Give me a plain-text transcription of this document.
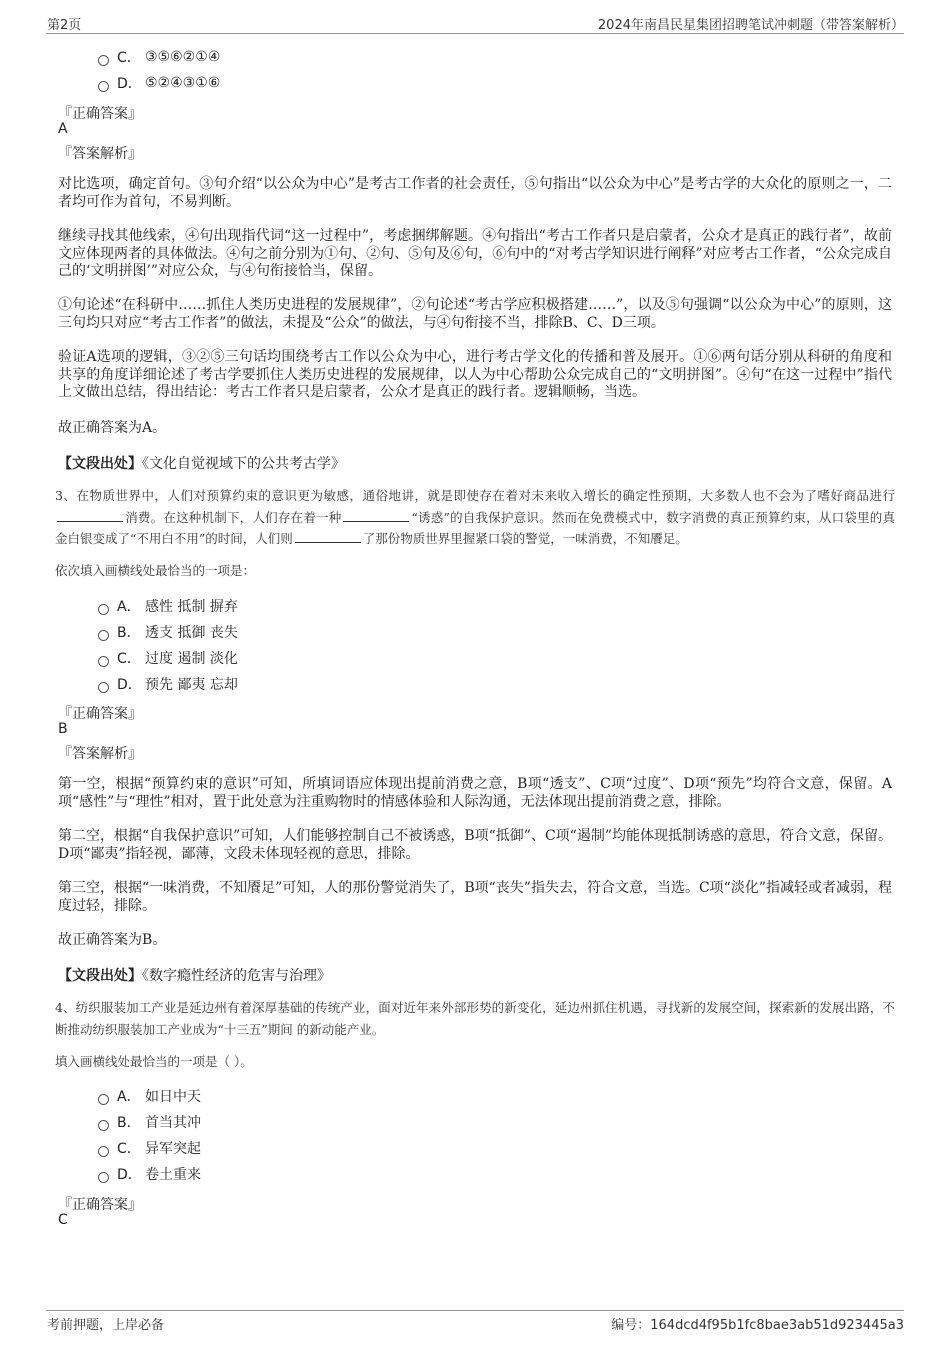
第2页	2024年南昌民星集团招聘笔试冲刺题（带答案解析）
C． ③⑤⑥②①④
D． ⑤②④③①⑥
『正确答案』
A
『答案解析』
对比选项，确定首句。③句介绍“以公众为中心”是考古工作者的社会责任，⑤句指出“以公众为中心”是考古学的大众化的原则之一，二者均可作为首句，不易判断。
继续寻找其他线索，④句出现指代词“这一过程中”，考虑捆绑解题。④句指出“考古工作者只是启蒙者，公众才是真正的践行者”，故前文应体现两者的具体做法。④句之前分别为①句、②句、⑤句及⑥句，⑥句中的“对考古学知识进行阐释”对应考古工作者，“公众完成自己的‘文明拼图’”对应公众，与④句衔接恰当，保留。
①句论述“在科研中……抓住人类历史进程的发展规律”，②句论述“考古学应积极搭建……”，以及⑤句强调“以公众为中心”的原则，这三句均只对应“考古工作者”的做法，未提及“公众”的做法，与④句衔接不当，排除B、C、D三项。
验证A选项的逻辑，③②⑤三句话均围绕考古工作以公众为中心，进行考古学文化的传播和普及展开。①⑥两句话分别从科研的角度和共享的角度详细论述了考古学要抓住人类历史进程的发展规律，以人为中心帮助公众完成自己的“文明拼图”。④句“在这一过程中”指代上文做出总结，得出结论：考古工作者只是启蒙者，公众才是真正的践行者。逻辑顺畅，当选。
故正确答案为A。
【文段出处】《文化自觉视域下的公共考古学》
3、在物质世界中，人们对预算约束的意识更为敏感，通俗地讲，就是即使存在着对未来收入增长的确定性预期，大多数人也不会为了嗜好商品进行消费。在这种机制下，人们存在着一种	“诱惑”的自我保护意识。然而在免费模式中，数字消费的真正预算约束，从口袋里的真金白银变成了“不用白不用”的时间，人们则	了那份物质世界里握紧口袋的警觉，一味消费，不知餍足。
依次填入画横线处最恰当的一项是：
A． 感性 抵制 摒弃
B． 透支 抵御 丧失
C． 过度 遏制 淡化
D． 预先 鄙夷 忘却
『正确答案』
B
『答案解析』
第一空，根据“预算约束的意识”可知，所填词语应体现出提前消费之意，B项“透支”、C项“过度”、D项“预先”均符合文意，保留。A项“感性”与“理性”相对，置于此处意为注重购物时的情感体验和人际沟通，无法体现出提前消费之意，排除。
第二空，根据“自我保护意识”可知，人们能够控制自己不被诱惑，B项“抵御”、C项“遏制”均能体现抵制诱惑的意思，符合文意，保留。D项“鄙夷”指轻视，鄙薄，文段未体现轻视的意思，排除。
第三空，根据“一味消费，不知餍足”可知，人的那份警觉消失了，B项“丧失”指失去，符合文意，当选。C项“淡化”指减轻或者减弱，程度过轻，排除。
故正确答案为B。
【文段出处】《数字瘾性经济的危害与治理》
4、纺织服装加工产业是延边州有着深厚基础的传统产业，面对近年来外部形势的新变化，延边州抓住机遇，寻找新的发展空间，探索新的发展出路，不断推动纺织服装加工产业成为“十三五”期间 的新动能产业。
填入画横线处最恰当的一项是（ ）。
A． 如日中天
B． 首当其冲
C． 异军突起
D． 卷土重来
『正确答案』
C
考前押题，上岸必备	编号：164dcd4f95b1fc8bae3ab51d923445a3
